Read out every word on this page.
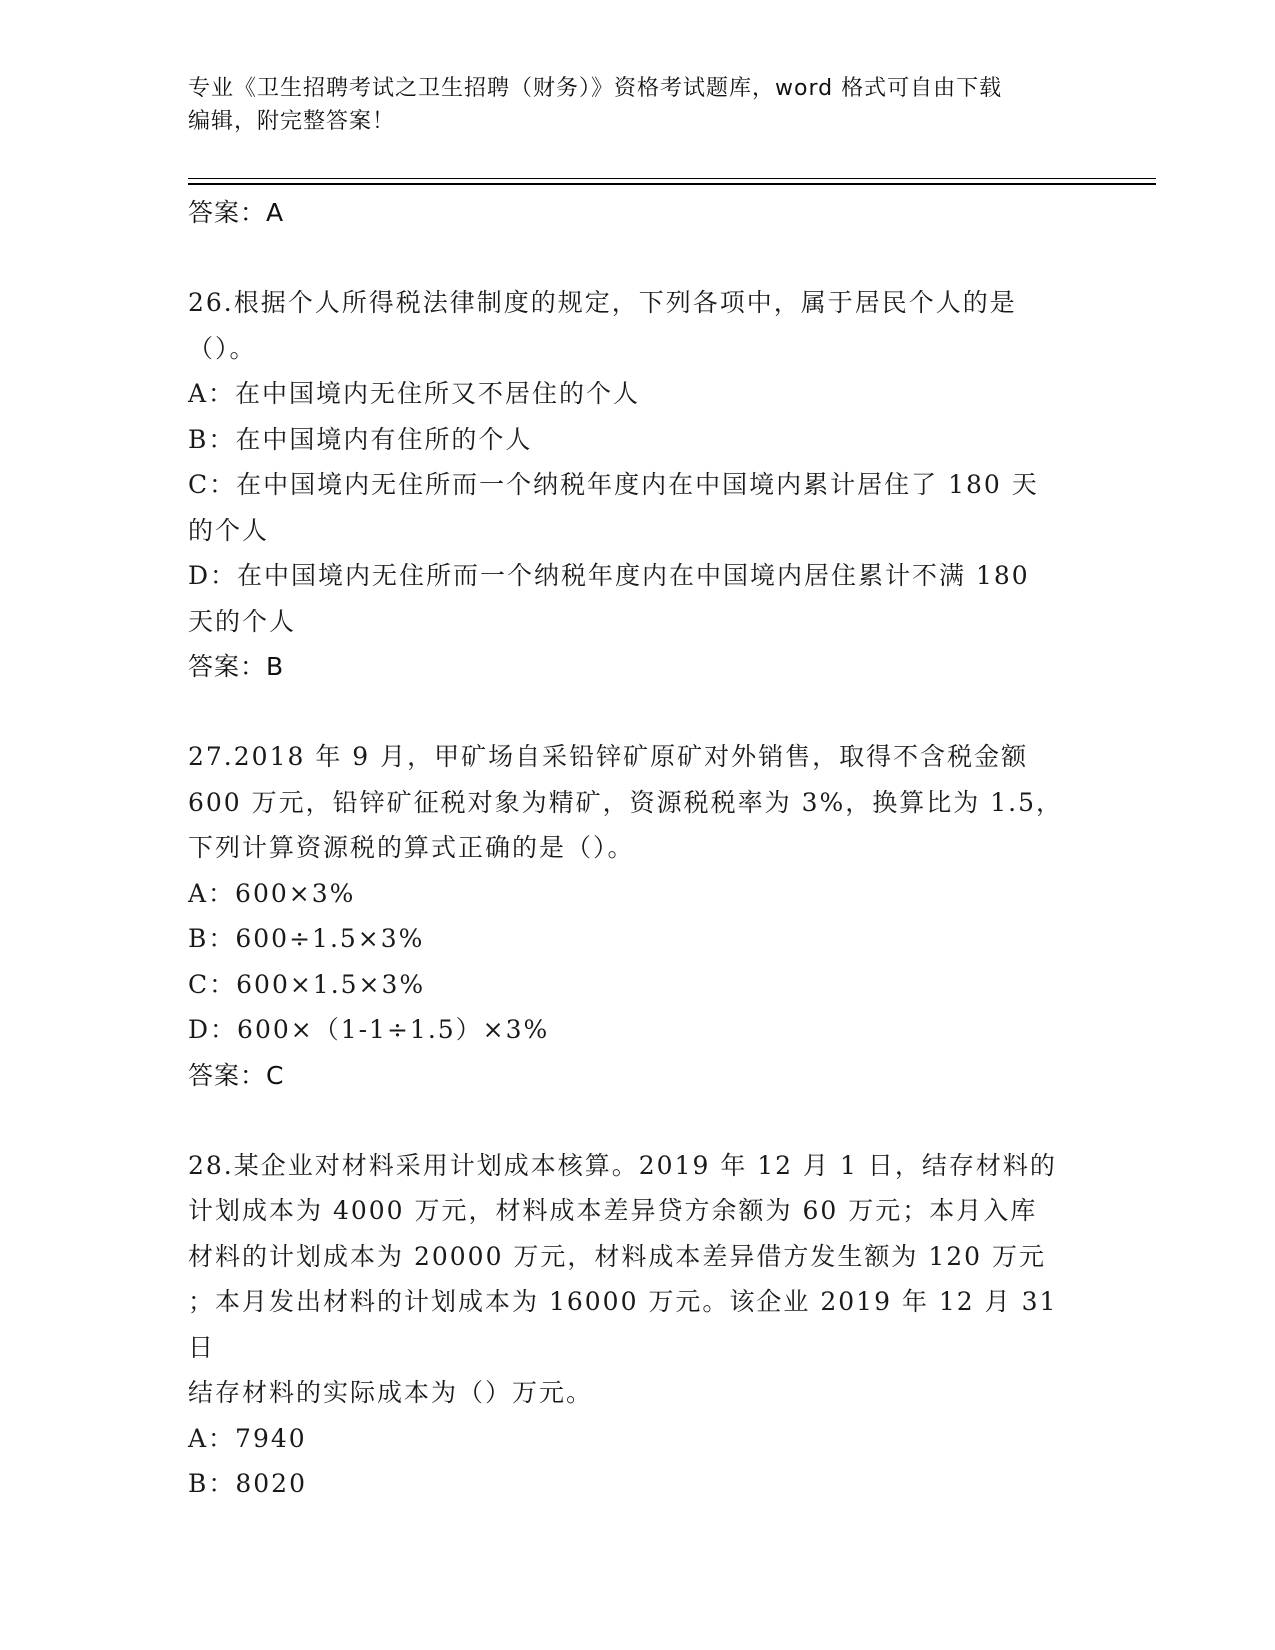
专业《卫生招聘考试之卫生招聘（财务）》资格考试题库，word 格式可自由下载
编辑，附完整答案！

答案：A

26.根据个人所得税法律制度的规定，下列各项中，属于居民个人的是

（）。

A：在中国境内无住所又不居住的个人

B：在中国境内有住所的个人

C：在中国境内无住所而一个纳税年度内在中国境内累计居住了 180 天

的个人

D：在中国境内无住所而一个纳税年度内在中国境内居住累计不满 180

天的个人

答案：B

27.2018 年 9 月，甲矿场自采铅锌矿原矿对外销售，取得不含税金额

600 万元，铅锌矿征税对象为精矿，资源税税率为 3%，换算比为 1.5，

下列计算资源税的算式正确的是（）。

A：600×3%

B：600÷1.5×3%

C：600×1.5×3%

D：600×（1-1÷1.5）×3%

答案：C

28.某企业对材料采用计划成本核算。2019 年 12 月 1 日，结存材料的

计划成本为 4000 万元，材料成本差异贷方余额为 60 万元；本月入库

材料的计划成本为 20000 万元，材料成本差异借方发生额为 120 万元

；本月发出材料的计划成本为 16000 万元。该企业 2019 年 12 月 31 日

结存材料的实际成本为（）万元。

A：7940

B：8020
